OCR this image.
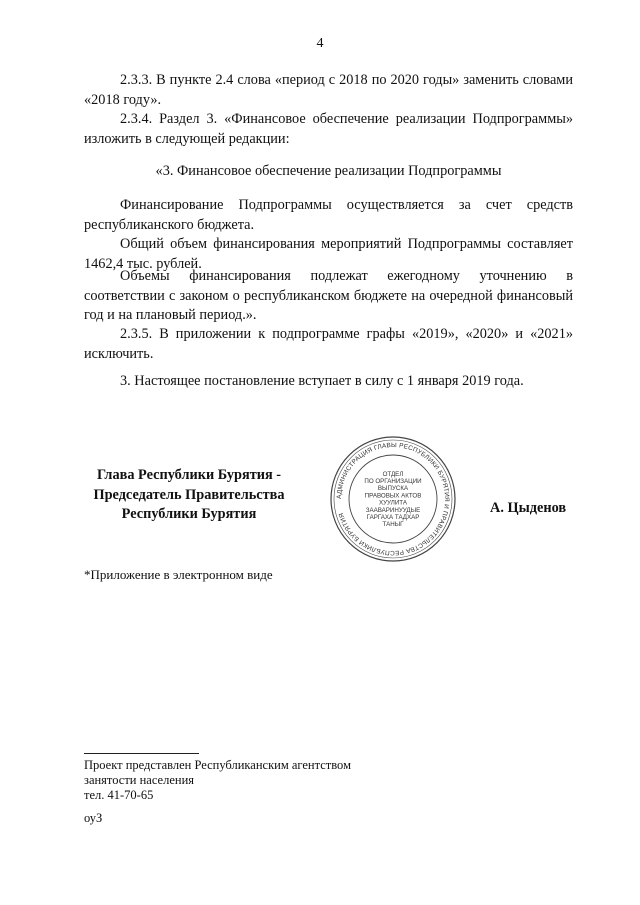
4

2.3.3. В пункте 2.4 слова «период с 2018 по 2020 годы» заменить словами «2018 году».

2.3.4. Раздел 3. «Финансовое обеспечение реализации Подпрограммы» изложить в следующей редакции:

«3. Финансовое обеспечение реализации Подпрограммы

Финансирование Подпрограммы осуществляется за счет средств республиканского бюджета.

Общий объем финансирования мероприятий Подпрограммы составляет 1462,4 тыс. рублей.

Объемы финансирования подлежат ежегодному уточнению в соответствии с законом о республиканском бюджете на очередной финансовый год и на плановый период.».

2.3.5. В приложении к подпрограмме графы «2019», «2020» и «2021» исключить.

3. Настоящее постановление вступает в силу с 1 января 2019 года.

Глава Республики Бурятия -
Председатель Правительства
Республики Бурятия
АДМИНИСТРАЦИЯ ГЛАВЫ РЕСПУБЛИКИ БУРЯТИЯ И ПРАВИТЕЛЬСТВА РЕСПУБЛИКИ БУРЯТИЯ
ОТДЕЛ
ПО ОРГАНИЗАЦИИ
ВЫПУСКА
ПРАВОВЫХ АКТОВ
ХУУЛИТА
ЗААВАРИНУУДЫЕ
ГАРГАХА ТАДХАР
ТАНЫГ
А. Цыденов
*Приложение в электронном виде
Проект представлен Республиканским агентством
занятости населения
тел. 41-70-65
оуЗ
